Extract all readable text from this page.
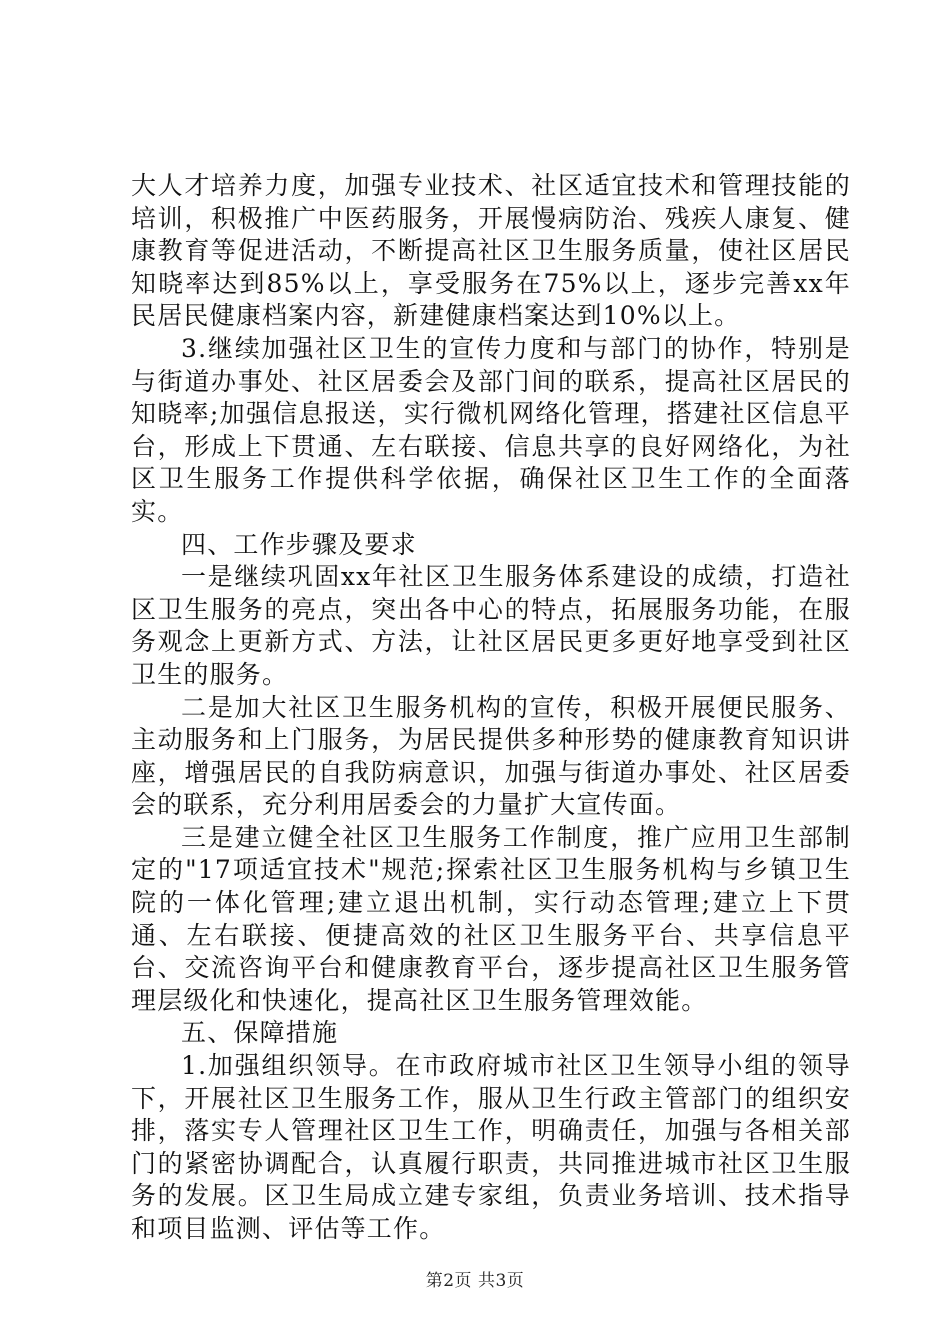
大人才培养力度，加强专业技术、社区适宜技术和管理技能的培训，积极推广中医药服务，开展慢病防治、残疾人康复、健康教育等促进活动，不断提高社区卫生服务质量，使社区居民知晓率达到85%以上，享受服务在75%以上，逐步完善xx年民居民健康档案内容，新建健康档案达到10%以上。

3.继续加强社区卫生的宣传力度和与部门的协作，特别是与街道办事处、社区居委会及部门间的联系，提高社区居民的知晓率;加强信息报送，实行微机网络化管理，搭建社区信息平台，形成上下贯通、左右联接、信息共享的良好网络化，为社区卫生服务工作提供科学依据，确保社区卫生工作的全面落实。

四、工作步骤及要求

一是继续巩固xx年社区卫生服务体系建设的成绩，打造社区卫生服务的亮点，突出各中心的特点，拓展服务功能，在服务观念上更新方式、方法，让社区居民更多更好地享受到社区卫生的服务。

二是加大社区卫生服务机构的宣传，积极开展便民服务、主动服务和上门服务，为居民提供多种形势的健康教育知识讲座，增强居民的自我防病意识，加强与街道办事处、社区居委会的联系，充分利用居委会的力量扩大宣传面。

三是建立健全社区卫生服务工作制度，推广应用卫生部制定的"17项适宜技术"规范;探索社区卫生服务机构与乡镇卫生院的一体化管理;建立退出机制，实行动态管理;建立上下贯通、左右联接、便捷高效的社区卫生服务平台、共享信息平台、交流咨询平台和健康教育平台，逐步提高社区卫生服务管理层级化和快速化，提高社区卫生服务管理效能。

五、保障措施

1.加强组织领导。在市政府城市社区卫生领导小组的领导下，开展社区卫生服务工作，服从卫生行政主管部门的组织安排，落实专人管理社区卫生工作，明确责任，加强与各相关部门的紧密协调配合，认真履行职责，共同推进城市社区卫生服务的发展。区卫生局成立建专家组，负责业务培训、技术指导和项目监测、评估等工作。

第2页 共3页
